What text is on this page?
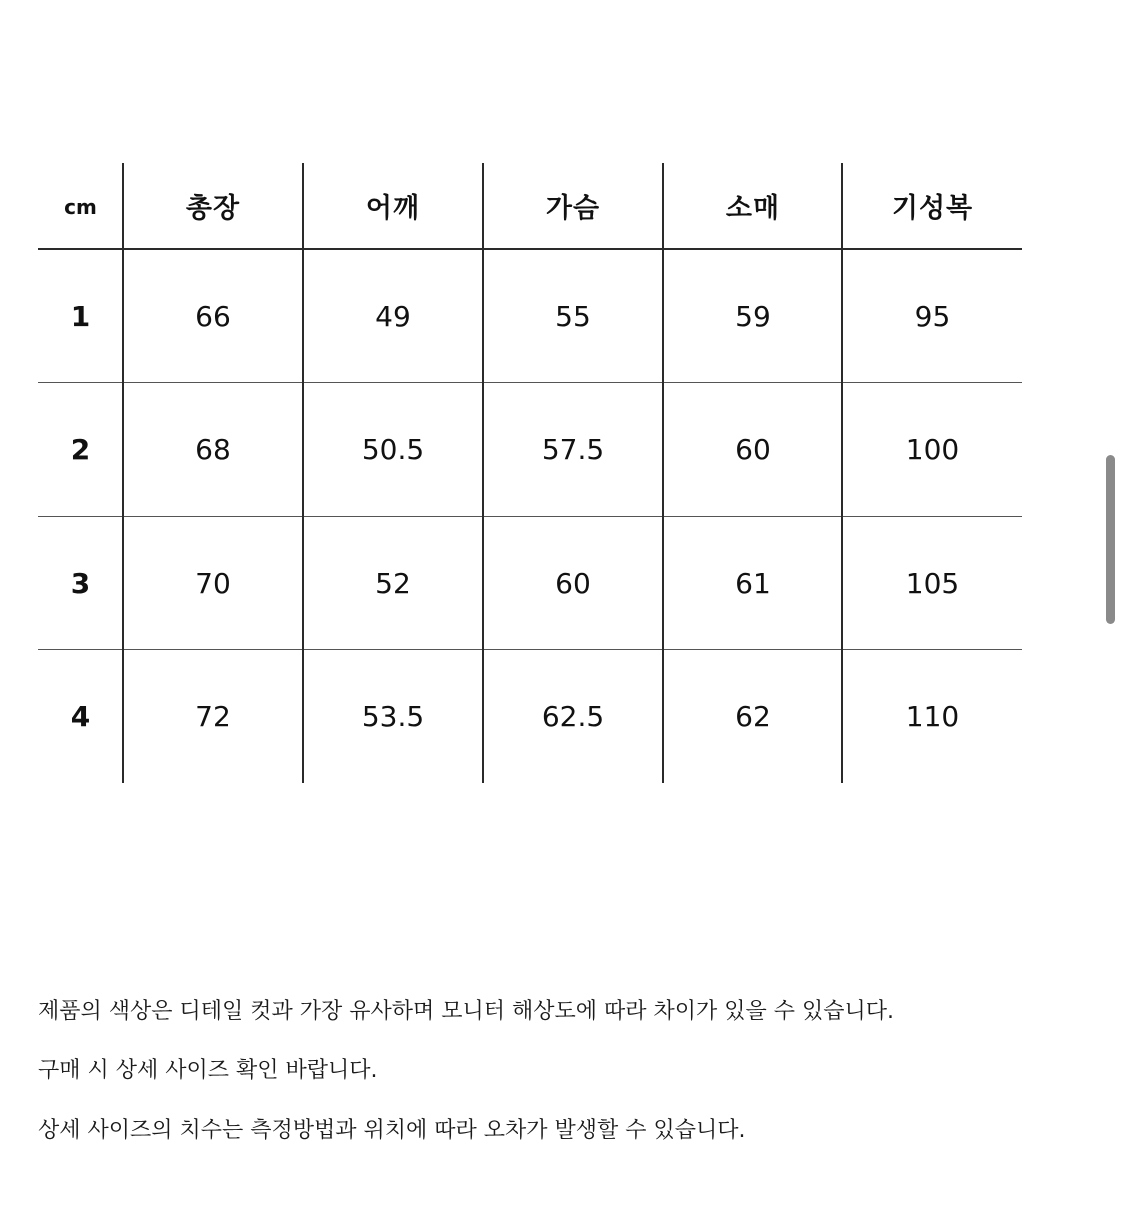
cm	총장	어깨	가슴	소매	기성복
1	66	49	55	59	95
2	68	50.5	57.5	60	100
3	70	52	60	61	105
4	72	53.5	62.5	62	110

제품의 색상은 디테일 컷과 가장 유사하며 모니터 해상도에 따라 차이가 있을 수 있습니다.

구매 시 상세 사이즈 확인 바랍니다.

상세 사이즈의 치수는 측정방법과 위치에 따라 오차가 발생할 수 있습니다.
